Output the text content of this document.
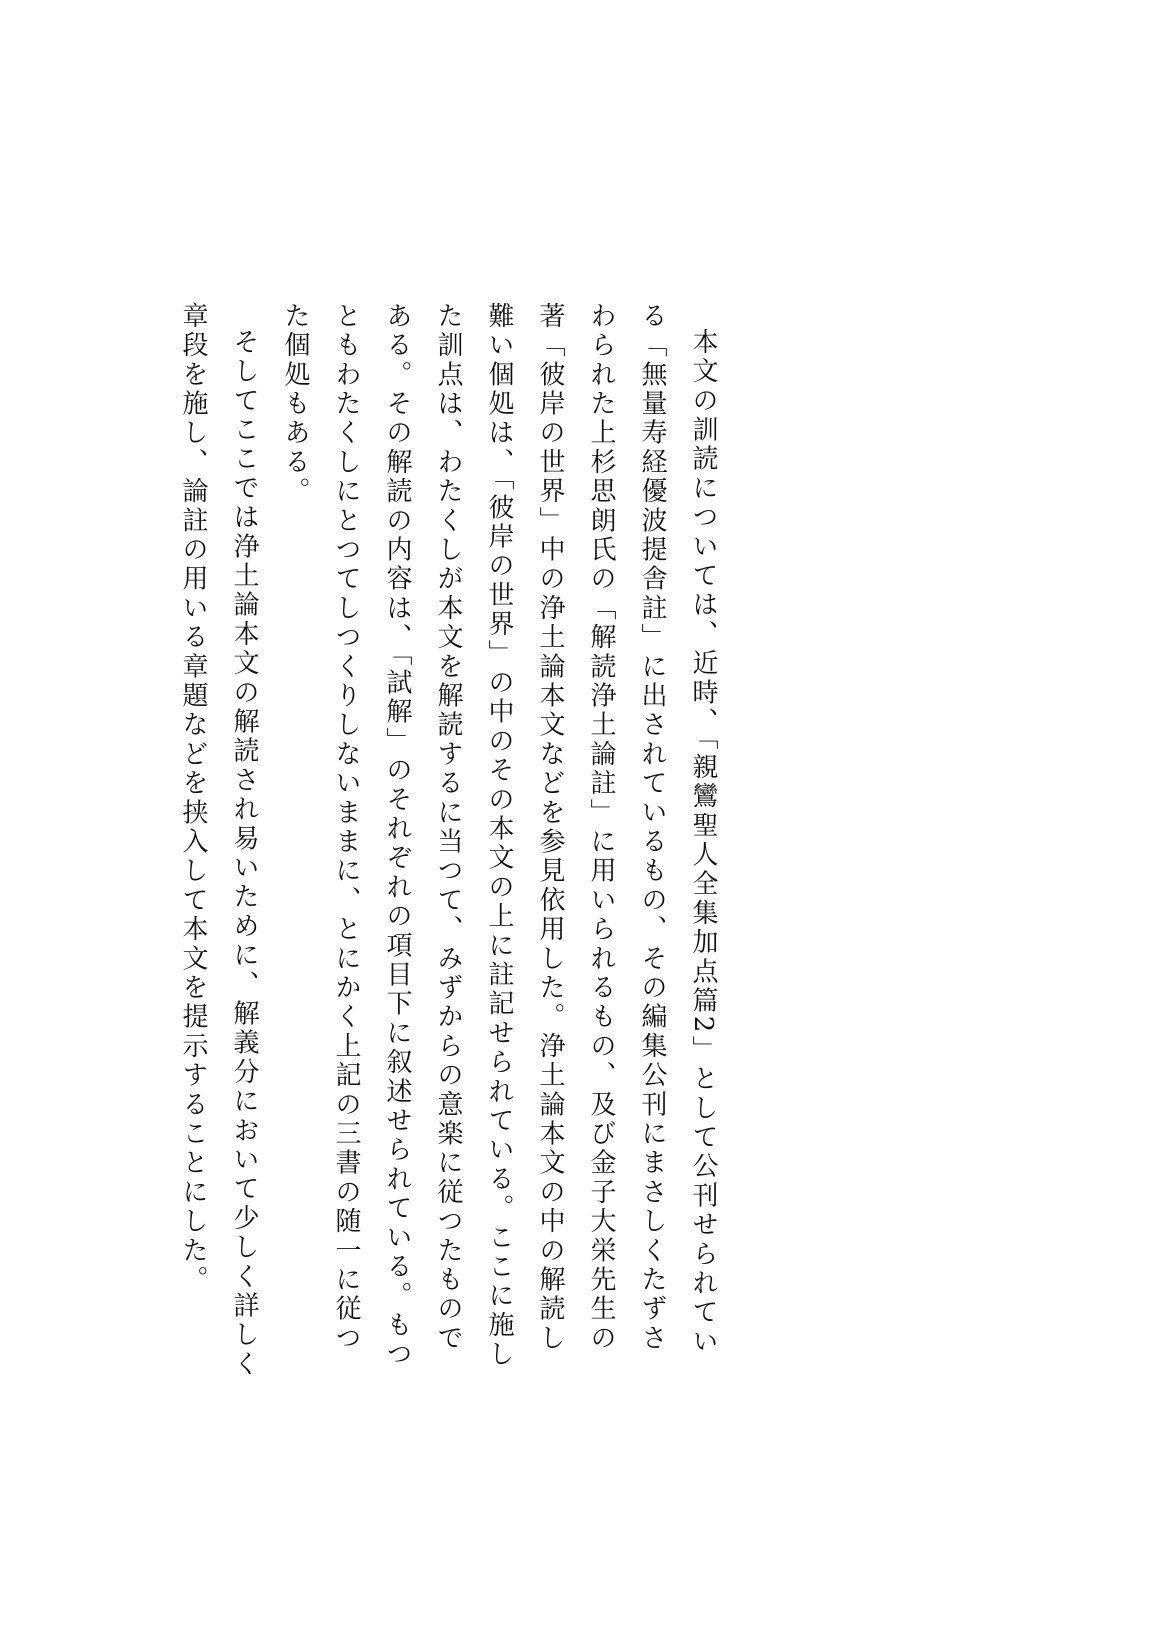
本文の訓読については、近時、「親鸞聖人全集加点篇2」として公刊せられている「無量寿経優波提舎註」に出されているもの、その編集公刊にまさしくたずさわられた上杉思朗氏の「解読浄土論註」に用いられるもの、及び金子大栄先生の著「彼岸の世界」中の浄土論本文などを参見依用した。浄土論本文の中の解読し難い個処は、「彼岸の世界」の中のその本文の上に註記せられている。ここに施した訓点は、わたくしが本文を解読するに当つて、みずからの意楽に従つたものである。その解読の内容は、「試解」のそれぞれの項目下に叙述せられている。もつともわたくしにとつてしつくりしないままに、とにかく上記の三書の随一に従つた個処もある。

そしてここでは浄土論本文の解読され易いために、解義分において少しく詳しく章段を施し、論註の用いる章題などを挟入して本文を提示することにした。
